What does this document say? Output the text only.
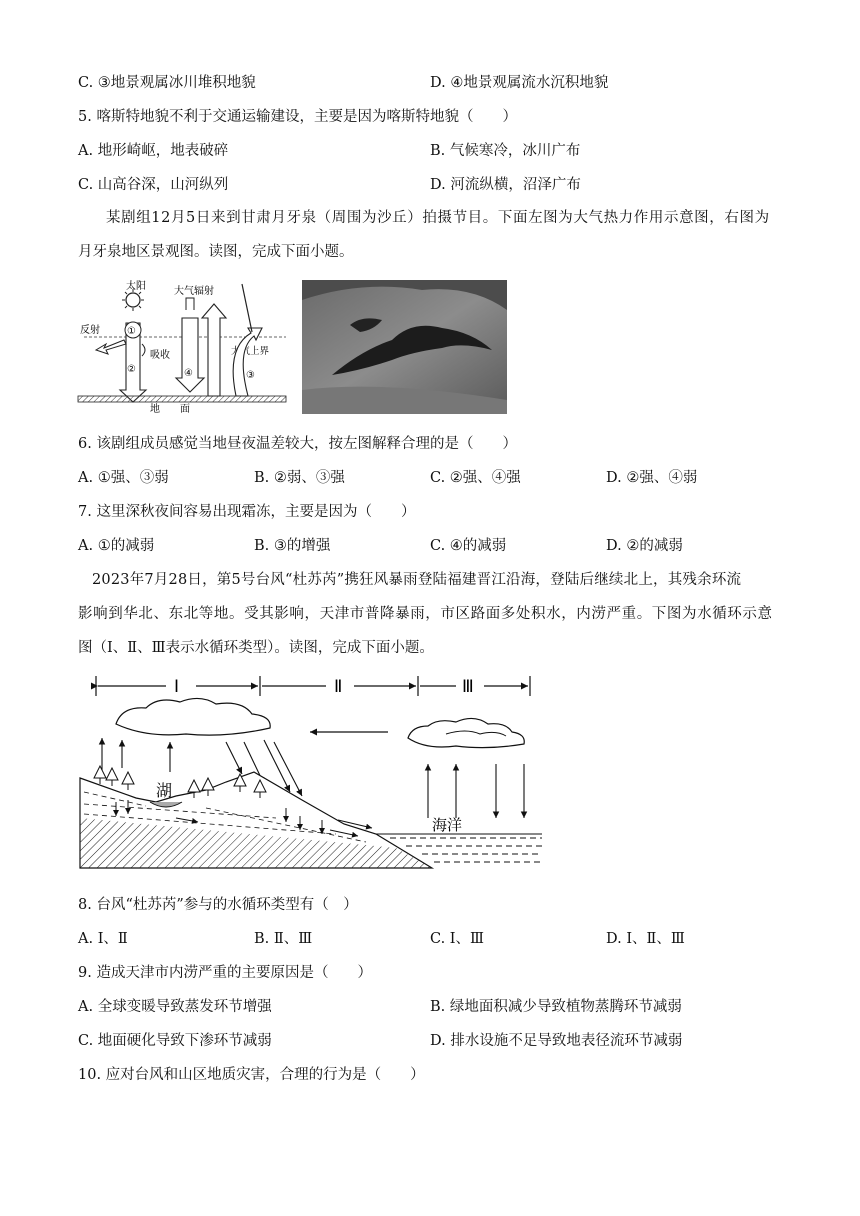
C. ③地景观属冰川堆积地貌	D. ④地景观属流水沉积地貌
5. 喀斯特地貌不利于交通运输建设，主要是因为喀斯特地貌（　　）
A. 地形崎岖，地表破碎	B. 气候寒冷，冰川广布
C. 山高谷深，山河纵列	D. 河流纵横，沼泽广布
某剧组12月5日来到甘肃月牙泉（周围为沙丘）拍摄节目。下面左图为大气热力作用示意图，右图为
月牙泉地区景观图。读图，完成下面小题。
太阳
大气上界
①
②
反射
吸收
大气辐射
④	③
地　　面
6. 该剧组成员感觉当地昼夜温差较大，按左图解释合理的是（　　）
A. ①强、③弱	B. ②弱、③强	C. ②强、④强	D. ②强、④弱
7. 这里深秋夜间容易出现霜冻，主要是因为（　　）
A. ①的减弱	B. ③的增强	C. ④的减弱	D. ②的减弱
2023年7月28日，第5号台风“杜苏芮”携狂风暴雨登陆福建晋江沿海，登陆后继续北上，其残余环流
影响到华北、东北等地。受其影响，天津市普降暴雨，市区路面多处积水，内涝严重。下图为水循环示意
图（Ⅰ、Ⅱ、Ⅲ表示水循环类型）。读图，完成下面小题。
Ⅰ	Ⅱ	Ⅲ
湖
海洋
8. 台风“杜苏芮”参与的水循环类型有（　）
A. Ⅰ、Ⅱ	B. Ⅱ、Ⅲ	C. Ⅰ、Ⅲ	D. Ⅰ、Ⅱ、Ⅲ
9. 造成天津市内涝严重的主要原因是（　　）
A. 全球变暖导致蒸发环节增强	B. 绿地面积减少导致植物蒸腾环节减弱
C. 地面硬化导致下渗环节减弱	D. 排水设施不足导致地表径流环节减弱
10. 应对台风和山区地质灾害，合理的行为是（　　）
